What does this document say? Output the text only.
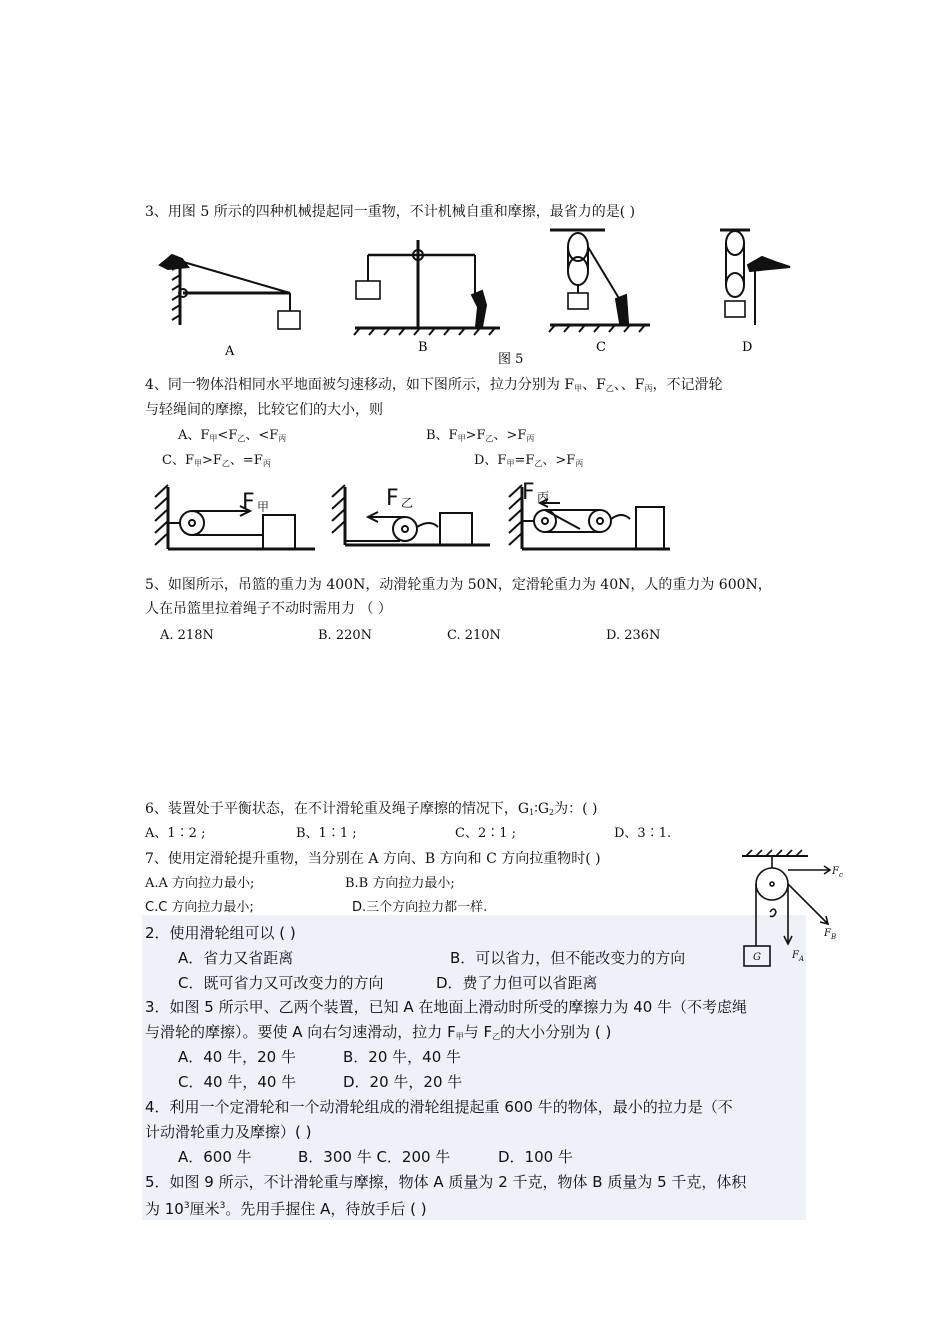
3、用图 5 所示的四种机械提起同一重物，不计机械自重和摩擦，最省力的是( )
A	B	C	D
图 5
4、同一物体沿相同水平地面被匀速移动，如下图所示，拉力分别为 $F_甲$、$F_乙$、、$F_丙$，不记滑轮
与轻绳间的摩擦，比较它们的大小，则
A、$F_甲<F_乙$、$<F_丙$	B、$F_甲>F_乙$、$>F_丙$
C、$F_甲>F_乙$、$=F_丙$	D、$F_甲=F_乙$、$>F_丙$
F 甲	F 乙	F 丙
5、如图所示，吊篮的重力为 400N，动滑轮重力为 50N，定滑轮重力为 40N，人的重力为 600N，
人在吊篮里拉着绳子不动时需用力 （ ）
A. 218N	B. 220N	C. 210N	D. 236N
6、装置处于平衡状态，在不计滑轮重及绳子摩擦的情况下，$G_1∶G_2$为：( )
A、1∶2 ;	B、1∶1 ;	C、2∶1 ;	D、3∶1.
7、使用定滑轮提升重物，当分别在 A 方向、B 方向和 C 方向拉重物时( )
A.A 方向拉力最小;	B.B 方向拉力最小;
C.C 方向拉力最小;	D.三个方向拉力都一样.
F c
F B
F A
G
2．使用滑轮组可以 ( )
A．省力又省距离	B．可以省力，但不能改变力的方向
C．既可省力又可改变力的方向	D．费了力但可以省距离
3．如图 5 所示甲、乙两个装置，已知 A 在地面上滑动时所受的摩擦力为 40 牛（不考虑绳
与滑轮的摩擦）。要使 A 向右匀速滑动，拉力 $F_甲$与 $F_乙$的大小分别为 ( )
A．40 牛，20 牛	B．20 牛，40 牛
C．40 牛，40 牛	D．20 牛，20 牛
4．利用一个定滑轮和一个动滑轮组成的滑轮组提起重 600 牛的物体，最小的拉力是（不
计动滑轮重力及摩擦）( )
A．600 牛	B．300 牛 C．200 牛	D．100 牛
5．如图 9 所示，不计滑轮重与摩擦，物体 A 质量为 2 千克，物体 B 质量为 5 千克，体积
为 $10^3$厘米$^3$。先用手握住 A，待放手后 ( )
